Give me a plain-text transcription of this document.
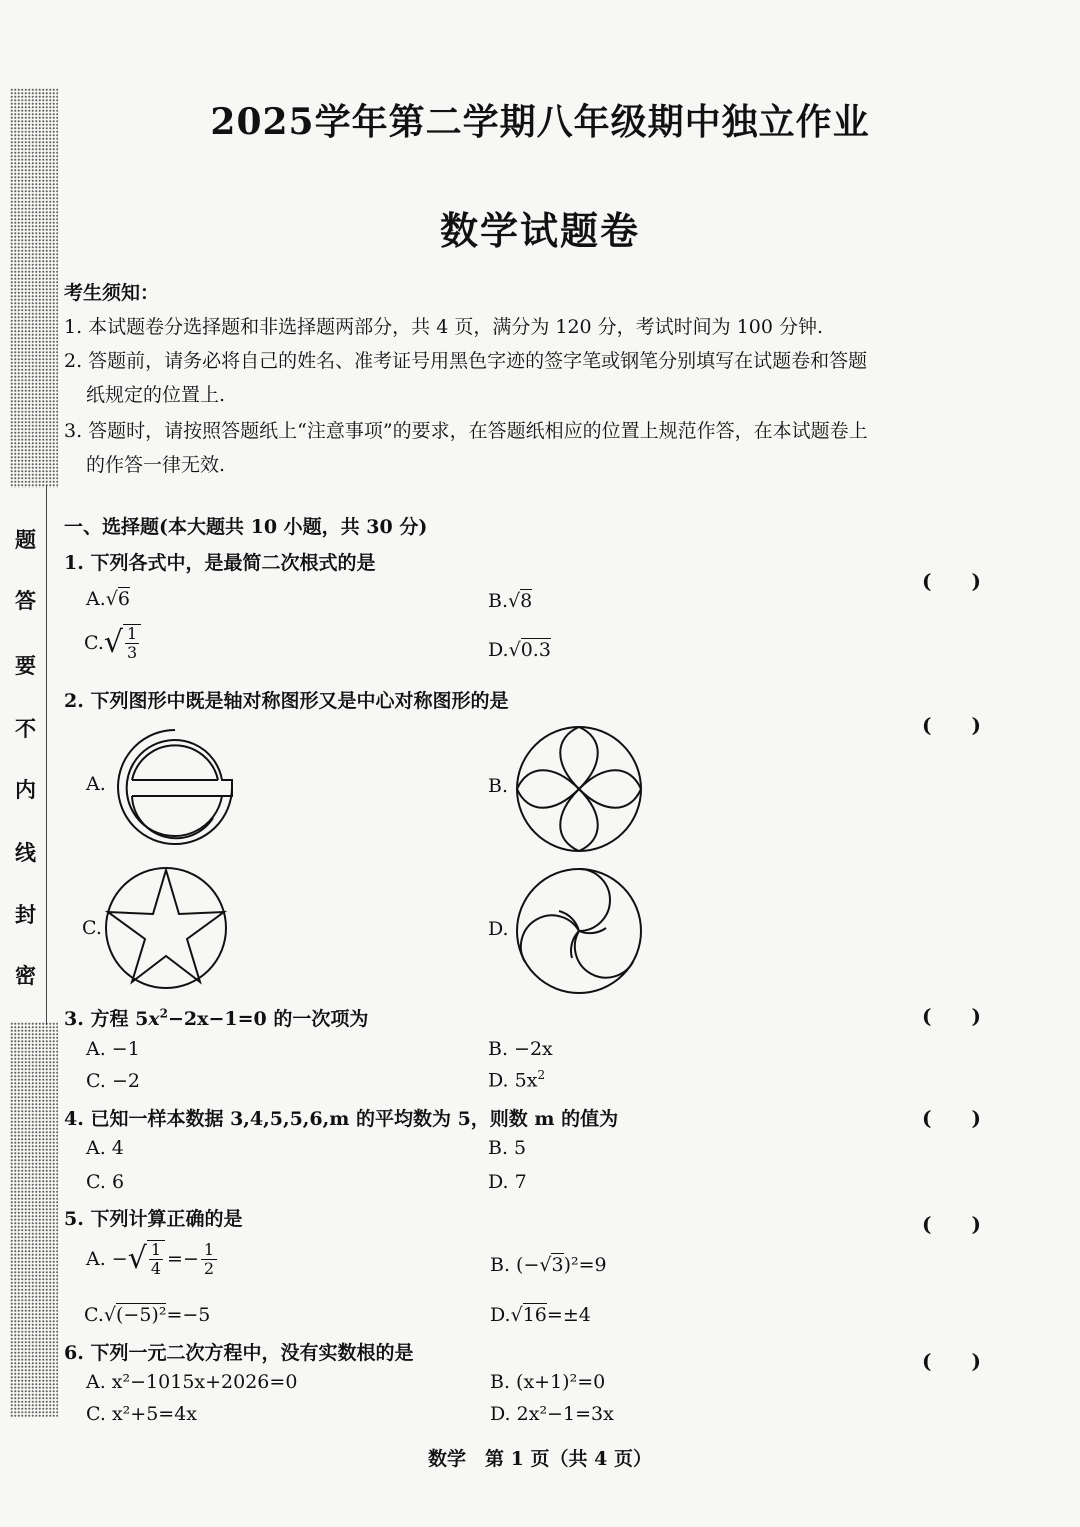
题
答
要
不
内
线
封
密
2025学年第二学期八年级期中独立作业
数学试题卷
考生须知：
1. 本试题卷分选择题和非选择题两部分，共 4 页，满分为 120 分，考试时间为 100 分钟.
2. 答题前，请务必将自己的姓名、准考证号用黑色字迹的签字笔或钢笔分别填写在试题卷和答题
纸规定的位置上.
3. 答题时，请按照答题纸上“注意事项”的要求，在答题纸相应的位置上规范作答，在本试题卷上
的作答一律无效.
一、选择题(本大题共 10 小题，共 30 分)
1. 下列各式中，是最简二次根式的是
(　　)
A.√6	B.√8
C. √ $\frac{1}{3}$	D.√0.3
2. 下列图形中既是轴对称图形又是中心对称图形的是
(　　)
A.	B.
C.	D.
3. 方程 $5x^2-2x-1=0$ 的一次项为	(　　)
A. −1	B. −2x
C. −2	D. $5x^2$
4. 已知一样本数据 3,4,5,5,6,m 的平均数为 5，则数 m 的值为	(　　)
A. 4	B. 5
C. 6	D. 7
5. 下列计算正确的是	(　　)
A. − √ $\frac{1}{4} =- \frac{1}{2}$	B. (−√3)²=9
C.√(−5)²=−5	D.√16=±4
6. 下列一元二次方程中，没有实数根的是	(　　)
A. x²−1015x+2026=0	B. (x+1)²=0
C. x²+5=4x	D. 2x²−1=3x
数学　第 1 页（共 4 页）
